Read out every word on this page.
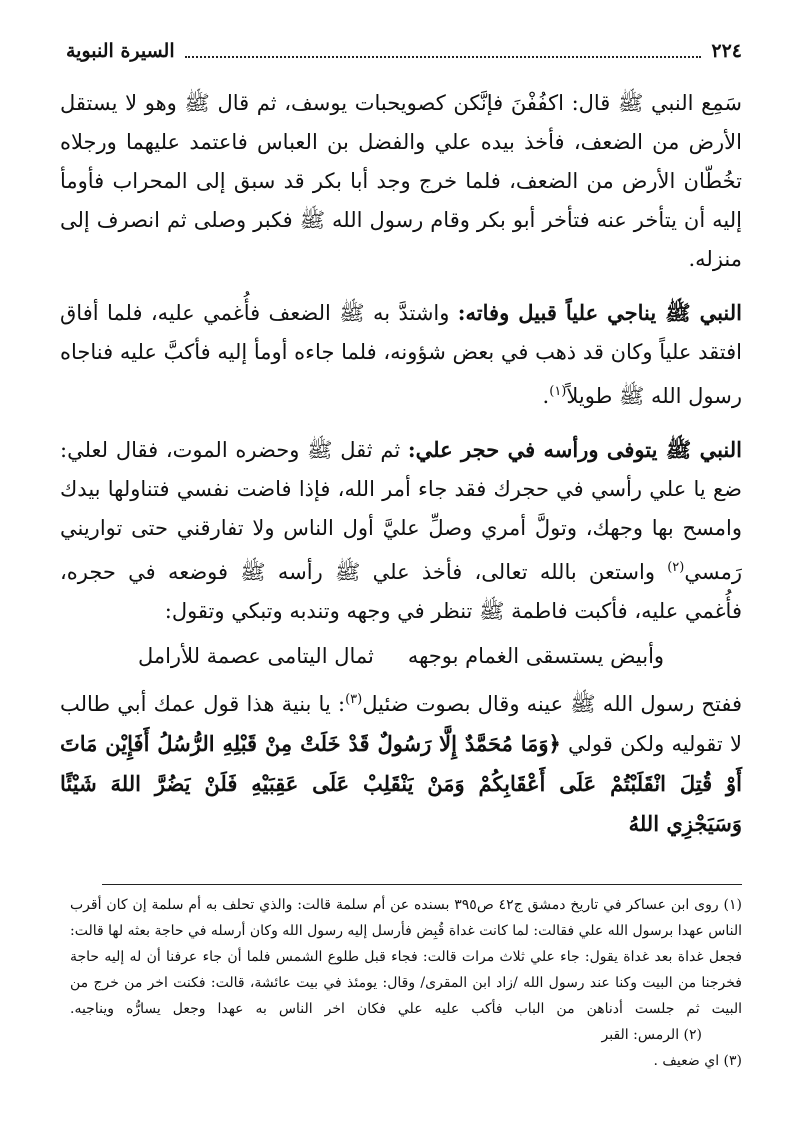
٢٢٤
السيرة النبوية

سَمِع النبي ﷺ قال: اكفُفْنَ فإنَّكن كصويحبات يوسف، ثم قال ﷺ وهو لا يستقل الأرض من الضعف، فأخذ بيده علي والفضل بن العباس فاعتمد عليهما ورجلاه تخُطّان الأرض من الضعف، فلما خرج وجد أبا بكر قد سبق إلى المحراب فأومأ إليه أن يتأخر عنه فتأخر أبو بكر وقام رسول الله ﷺ فكبر وصلى ثم انصرف إلى منزله.

النبي ﷺ يناجي علياً قبيل وفاته: واشتدَّ به ﷺ الضعف فأُغمي عليه، فلما أفاق افتقد علياً وكان قد ذهب في بعض شؤونه، فلما جاءه أومأ إليه فأكبَّ عليه فناجاه رسول الله ﷺ طويلاً$^{(١)}$.

النبي ﷺ يتوفى ورأسه في حجر علي: ثم ثقل ﷺ وحضره الموت، فقال لعلي: ضع يا علي رأسي في حجرك فقد جاء أمر الله، فإذا فاضت نفسي فتناولها بيدك وامسح بها وجهك، وتولَّ أمري وصلِّ عليَّ أول الناس ولا تفارقني حتى تواريني رَمسي$^{(٢)}$ واستعن بالله تعالى، فأخذ علي ﷺ رأسه ﷺ فوضعه في حجره، فأُغمي عليه، فأكبت فاطمة ﷺ تنظر في وجهه وتندبه وتبكي وتقول:

وأبيض يستسقى الغمام بوجهه
ثمال اليتامى عصمة للأرامل

ففتح رسول الله ﷺ عينه وقال بصوت ضئيل$^{(٣)}$: يا بنية هذا قول عمك أبي طالب لا تقوليه ولكن قولي ﴿وَمَا مُحَمَّدٌ إِلَّا رَسُولٌ قَدْ خَلَتْ مِنْ قَبْلِهِ الرُّسُلُ أَفَإِيْن مَاتَ أَوْ قُتِلَ انْقَلَبْتُمْ عَلَى أَعْقَابِكُمْ وَمَنْ يَنْقَلِبْ عَلَى عَقِبَيْهِ فَلَنْ يَضُرَّ اللهَ شَيْئًا وَسَيَجْزِي اللهُ

(١) روى ابن عساكر في تاريخ دمشق ج٤٢ ص٣٩٥ بسنده عن أم سلمة قالت: والذي تحلف به أم سلمة إن كان أقرب الناس عهدا برسول الله علي فقالت: لما كانت غداة قُبِض فأرسل إليه رسول الله وكان أرسله في حاجة بعثه لها قالت: فجعل غداة بعد غداة يقول: جاء علي ثلاث مرات قالت: فجاء قبل طلوع الشمس فلما أن جاء عرفنا أن له إليه حاجة فخرجنا من البيت وكنا عند رسول الله /زاد ابن المقرى/ وقال: يومئذ في بيت عائشة، قالت: فكنت اخر من خرج من البيت ثم جلست أدناهن من الباب فأكب عليه علي فكان اخر الناس به عهدا وجعل يسارُّه ويناجيه. (٢) الرمس: القبر

(٣) اي ضعيف .
